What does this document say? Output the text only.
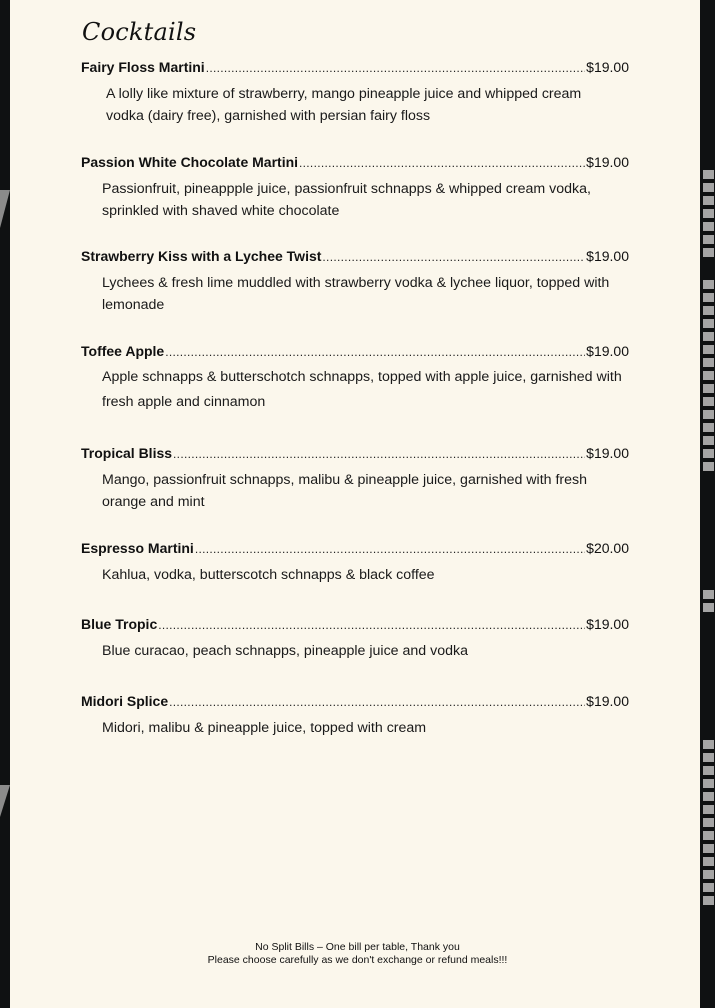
Cocktails
Fairy Floss Martini .....	$19.00
A lolly like mixture of strawberry, mango pineapple juice and whipped cream vodka (dairy free), garnished with persian fairy floss
Passion White Chocolate Martini .....	$19.00
Passionfruit, pineappple juice, passionfruit schnapps & whipped cream vodka, sprinkled with shaved white chocolate
Strawberry Kiss with a Lychee Twist .....	$19.00
Lychees & fresh lime muddled with strawberry vodka & lychee liquor, topped with lemonade
Toffee Apple .....	$19.00
Apple schnapps & butterschotch schnapps, topped with apple juice, garnished with fresh apple and cinnamon
Tropical Bliss .....	$19.00
Mango, passionfruit schnapps, malibu & pineapple juice, garnished with fresh orange and mint
Espresso Martini .....	$20.00
Kahlua, vodka, butterscotch schnapps & black coffee
Blue Tropic .....	$19.00
Blue curacao, peach schnapps, pineapple juice and vodka
Midori Splice .....	$19.00
Midori, malibu & pineapple juice, topped with cream
No Split Bills – One bill per table, Thank you
Please choose carefully as we don't exchange or refund meals!!!
